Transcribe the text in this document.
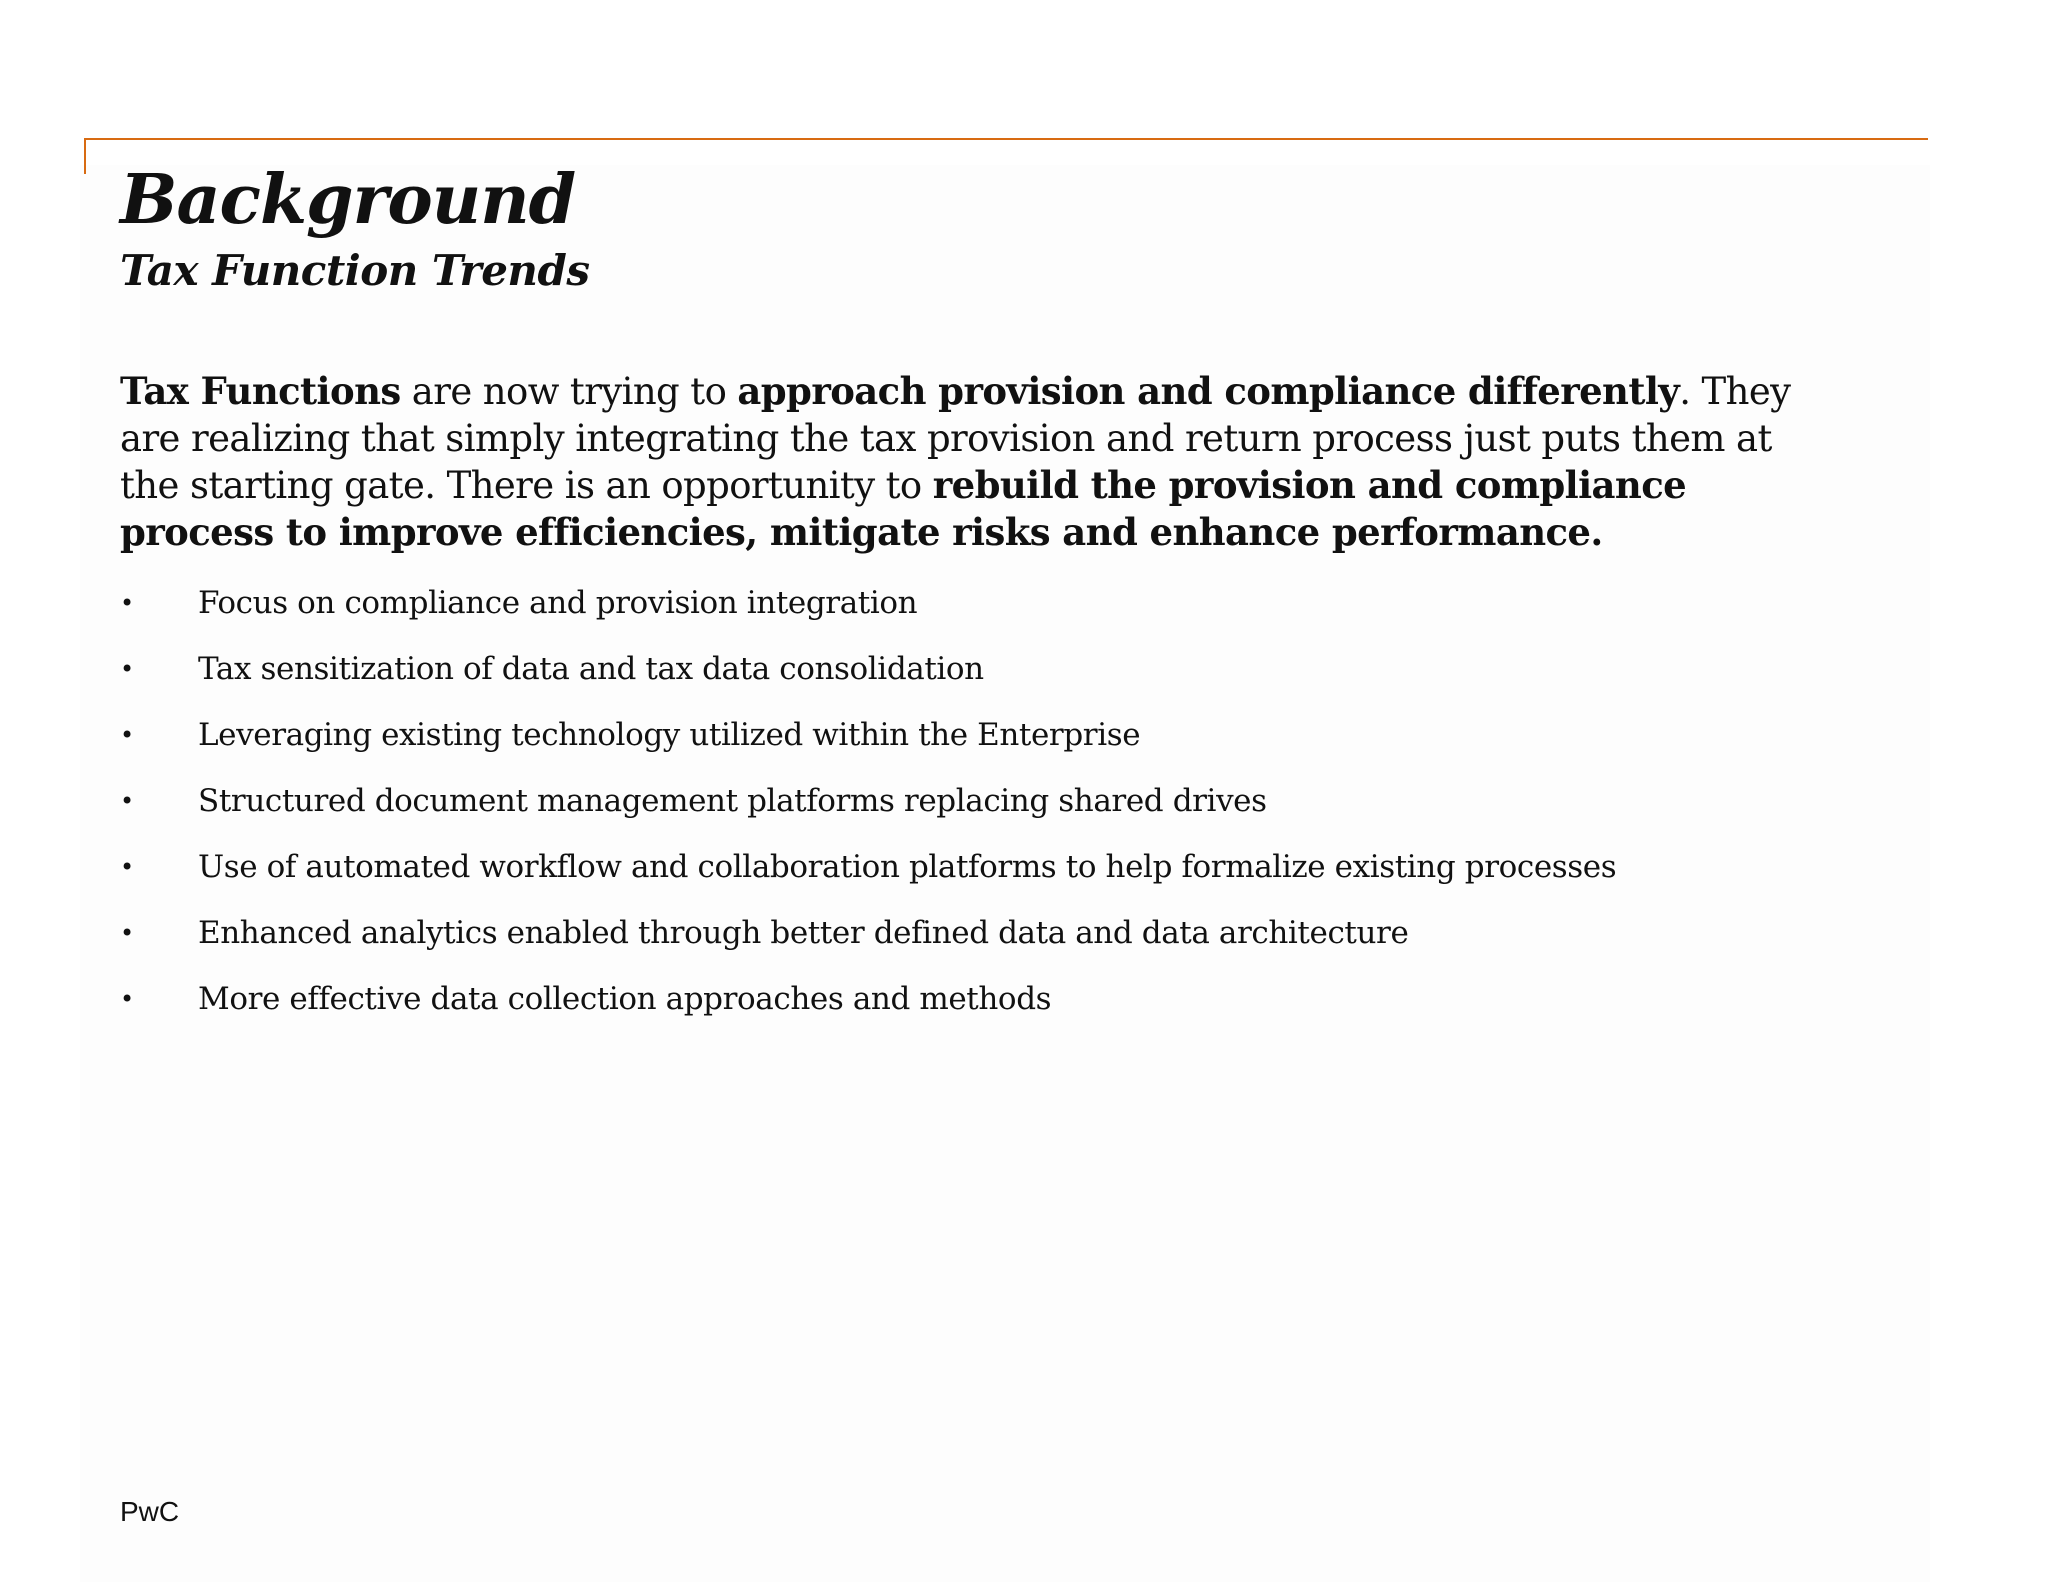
Background
Tax Function Trends

Tax Functions are now trying to approach provision and compliance differently. They are realizing that simply integrating the tax provision and return process just puts them at the starting gate. There is an opportunity to rebuild the provision and compliance process to improve efficiencies, mitigate risks and enhance performance.

• Focus on compliance and provision integration
• Tax sensitization of data and tax data consolidation
• Leveraging existing technology utilized within the Enterprise
• Structured document management platforms replacing shared drives
• Use of automated workflow and collaboration platforms to help formalize existing processes
• Enhanced analytics enabled through better defined data and data architecture
• More effective data collection approaches and methods
PwC
